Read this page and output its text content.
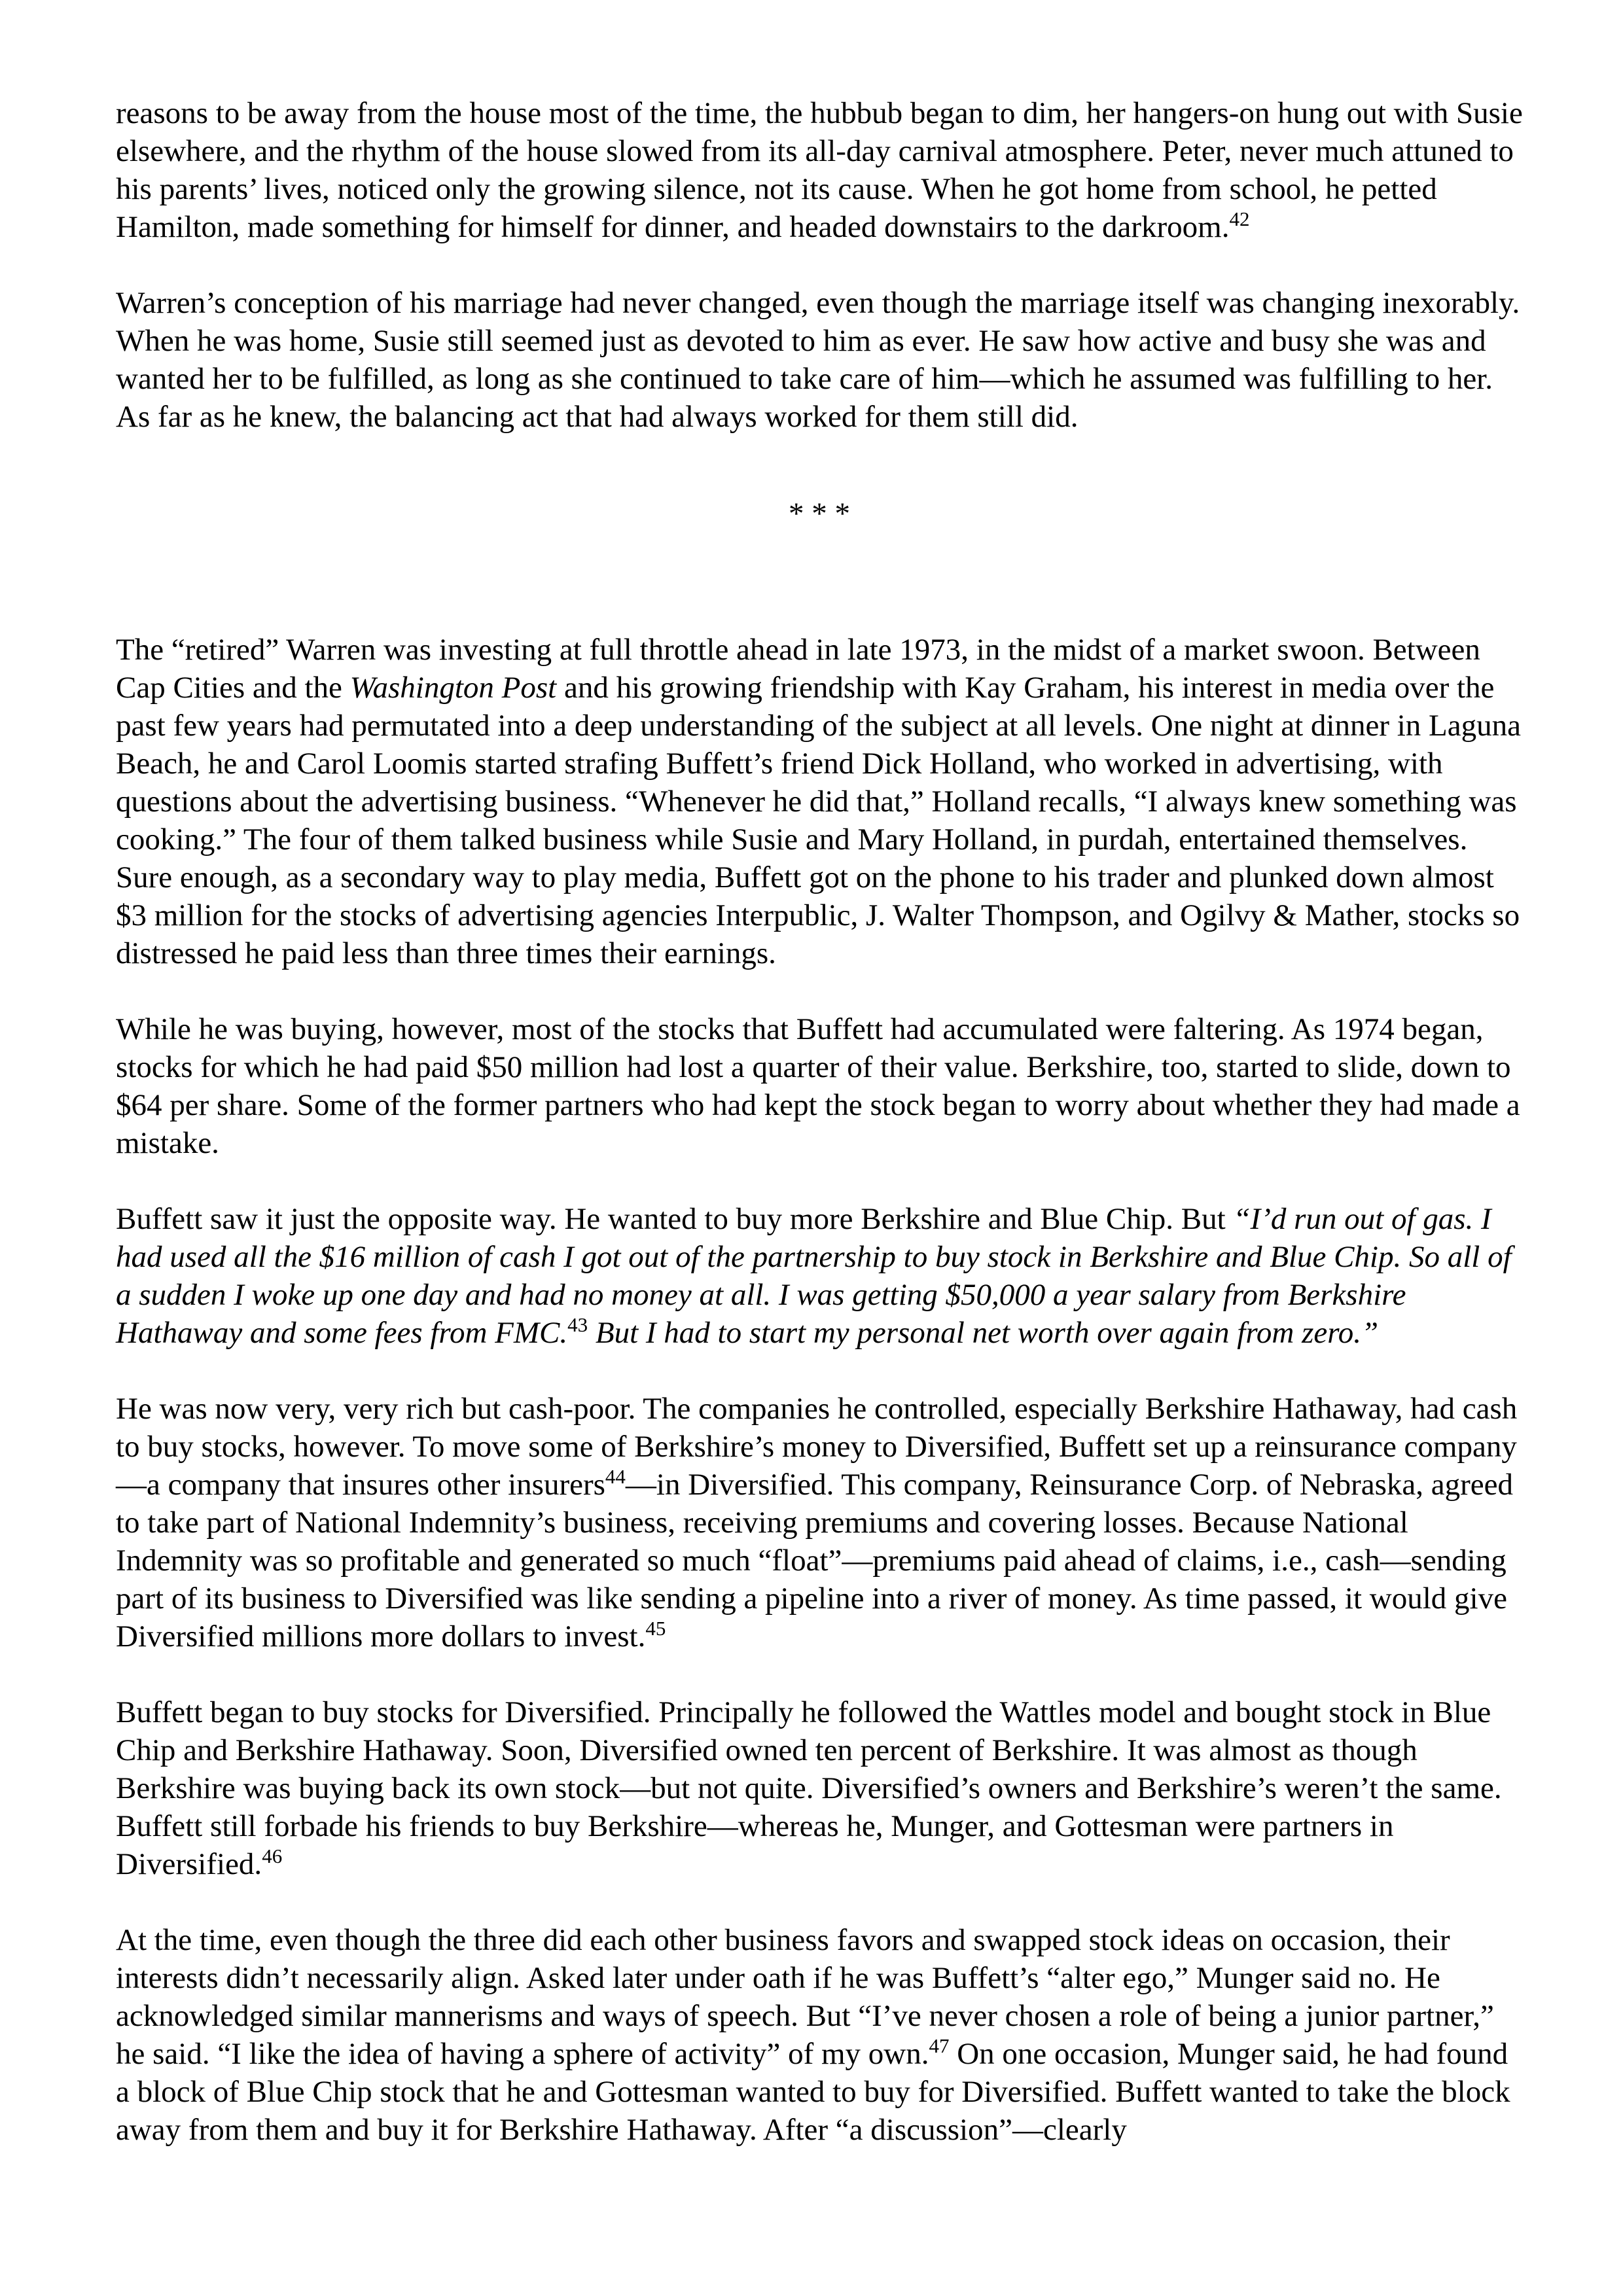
reasons to be away from the house most of the time, the hubbub began to dim, her hangers-on hung out with Susie elsewhere, and the rhythm of the house slowed from its all-day carnival atmosphere. Peter, never much attuned to his parents’ lives, noticed only the growing silence, not its cause. When he got home from school, he petted Hamilton, made something for himself for dinner, and headed downstairs to the darkroom.$^{42}$

Warren’s conception of his marriage had never changed, even though the marriage itself was changing inexorably. When he was home, Susie still seemed just as devoted to him as ever. He saw how active and busy she was and wanted her to be fulfilled, as long as she continued to take care of him—which he assumed was fulfilling to her. As far as he knew, the balancing act that had always worked for them still did.

* * *

The “retired” Warren was investing at full throttle ahead in late 1973, in the midst of a market swoon. Between Cap Cities and the Washington Post and his growing friendship with Kay Graham, his interest in media over the past few years had permutated into a deep understanding of the subject at all levels. One night at dinner in Laguna Beach, he and Carol Loomis started strafing Buffett’s friend Dick Holland, who worked in advertising, with questions about the advertising business. “Whenever he did that,” Holland recalls, “I always knew something was cooking.” The four of them talked business while Susie and Mary Holland, in purdah, entertained themselves. Sure enough, as a secondary way to play media, Buffett got on the phone to his trader and plunked down almost $3 million for the stocks of advertising agencies Interpublic, J. Walter Thompson, and Ogilvy & Mather, stocks so distressed he paid less than three times their earnings.

While he was buying, however, most of the stocks that Buffett had accumulated were faltering. As 1974 began, stocks for which he had paid $50 million had lost a quarter of their value. Berkshire, too, started to slide, down to $64 per share. Some of the former partners who had kept the stock began to worry about whether they had made a mistake.

Buffett saw it just the opposite way. He wanted to buy more Berkshire and Blue Chip. But “I’d run out of gas. I had used all the $16 million of cash I got out of the partnership to buy stock in Berkshire and Blue Chip. So all of a sudden I woke up one day and had no money at all. I was getting $50,000 a year salary from Berkshire Hathaway and some fees from FMC.$^{43}$ But I had to start my personal net worth over again from zero.”

He was now very, very rich but cash-poor. The companies he controlled, especially Berkshire Hathaway, had cash to buy stocks, however. To move some of Berkshire’s money to Diversified, Buffett set up a reinsurance company—a company that insures other insurers$^{44}$—in Diversified. This company, Reinsurance Corp. of Nebraska, agreed to take part of National Indemnity’s business, receiving premiums and covering losses. Because National Indemnity was so profitable and generated so much “float”—premiums paid ahead of claims, i.e., cash—sending part of its business to Diversified was like sending a pipeline into a river of money. As time passed, it would give Diversified millions more dollars to invest.$^{45}$

Buffett began to buy stocks for Diversified. Principally he followed the Wattles model and bought stock in Blue Chip and Berkshire Hathaway. Soon, Diversified owned ten percent of Berkshire. It was almost as though Berkshire was buying back its own stock—but not quite. Diversified’s owners and Berkshire’s weren’t the same. Buffett still forbade his friends to buy Berkshire—whereas he, Munger, and Gottesman were partners in Diversified.$^{46}$

At the time, even though the three did each other business favors and swapped stock ideas on occasion, their interests didn’t necessarily align. Asked later under oath if he was Buffett’s “alter ego,” Munger said no. He acknowledged similar mannerisms and ways of speech. But “I’ve never chosen a role of being a junior partner,” he said. “I like the idea of having a sphere of activity” of my own.$^{47}$ On one occasion, Munger said, he had found a block of Blue Chip stock that he and Gottesman wanted to buy for Diversified. Buffett wanted to take the block away from them and buy it for Berkshire Hathaway. After “a discussion”—clearly
